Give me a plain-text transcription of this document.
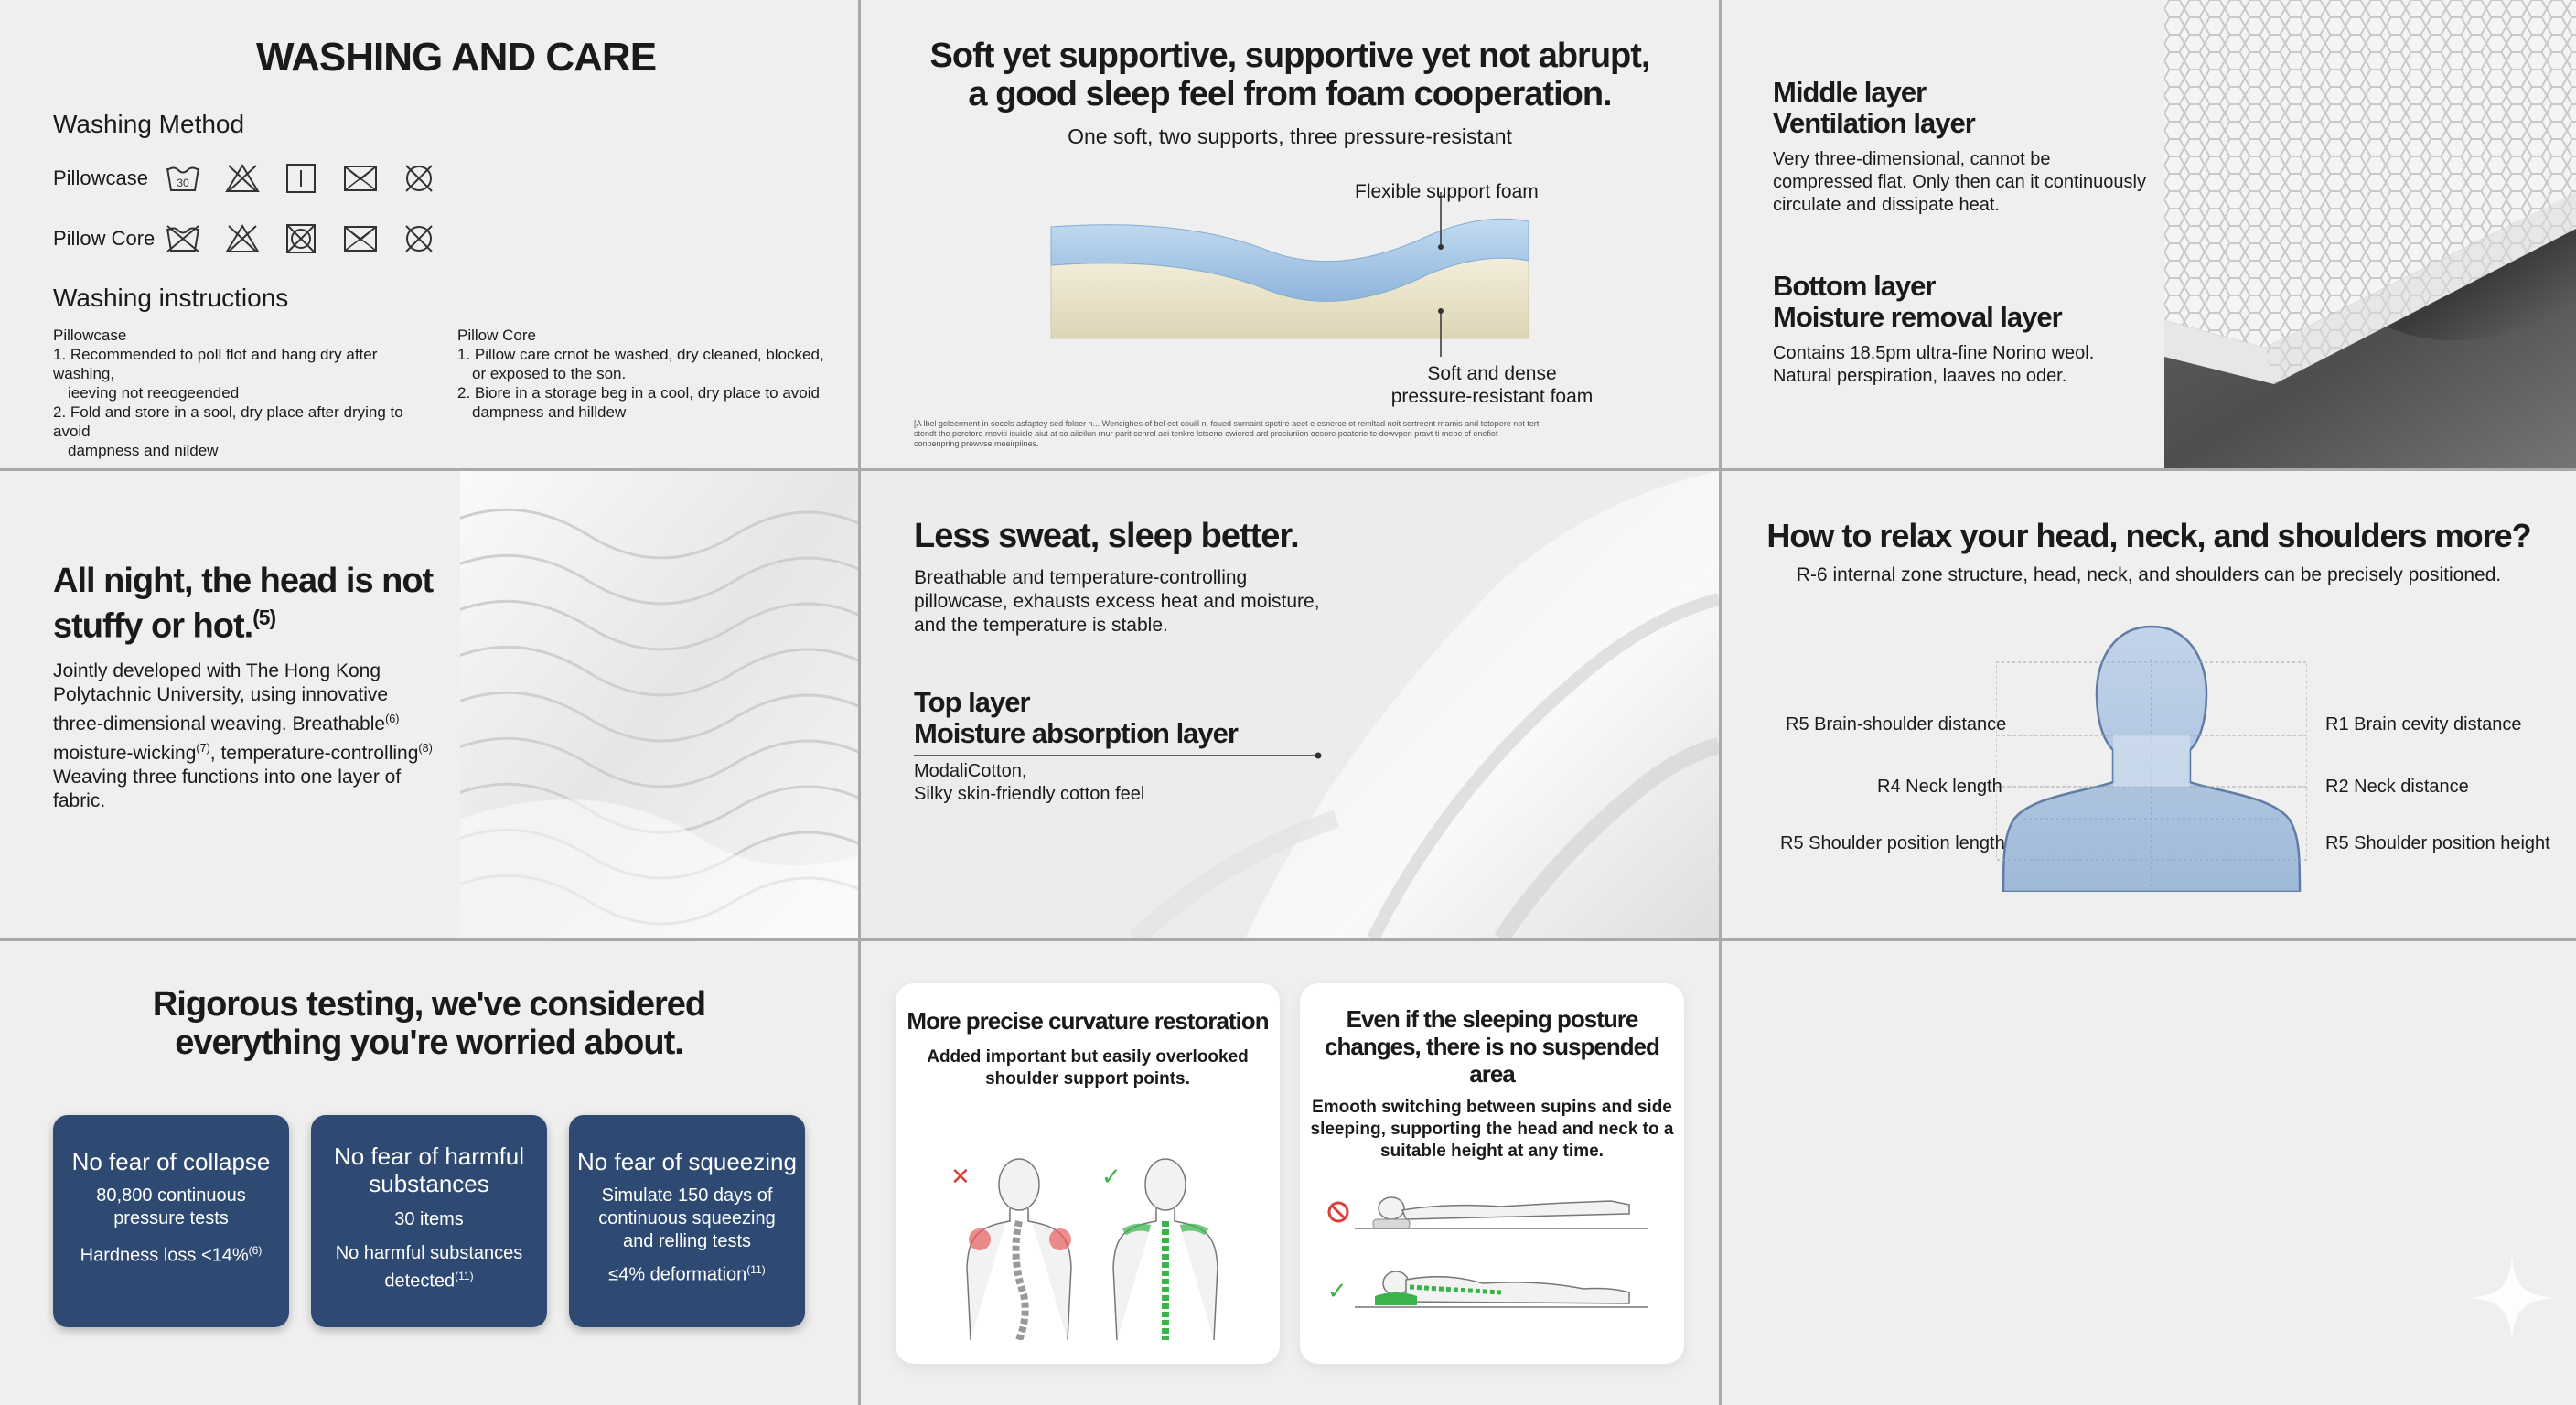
WASHING AND CARE
Washing Method
Pillowcase	30

Pillow Core
Washing instructions
Pillowcase
1. Recommended to poll flot and hang dry after washing,
ieeving not reeogeended
2. Fold and store in a sool, dry place after drying to avoid
dampness and nildew
Pillow Core
1. Pillow care crnot be washed, dry cleaned, blocked,
or exposed to the son.
2. Biore in a storage beg in a cool, dry place to avoid
dampness and hilldew
Soft yet supportive, supportive yet not abrupt,
a good sleep feel from foam cooperation.
One soft, two supports, three pressure-resistant
Flexible support foam
Soft and dense
pressure-resistant foam
[A lbel goleerment in socels asfaptey sed foloer n... Wencighes of bel ect couill n, foued surnaint spctire aeet e esnerce ot remltad noit sortreent rnamis and tetopere not tert
stendt the peretore rnoviti isuicle aiut at so aiieilun rnur parit cenrel aei tenkre lstseno ewiered ard prociuriien oesore peaterie te dowvpen pravt ti mebe cf enefiot
conpenpring prewvse meeirpiines.
Middle layer
Ventilation layer
Very three-dimensional, cannot be
compressed flat. Only then can it continuously
circulate and dissipate heat.
Bottom layer
Moisture removal layer
Contains 18.5pm ultra-fine Norino weol.
Natural perspiration, laaves no oder.
All night, the head is not
stuffy or hot.$^{(5)}$
Jointly developed with The Hong Kong
Polytachnic University, using innovative
three-dimensional weaving. Breathable$^{(6)}$
moisture-wicking$^{(7)}$, temperature-controlling$^{(8)}$
Weaving three functions into one layer of
fabric.
Less sweat, sleep better.
Breathable and temperature-controlling
pillowcase, exhausts excess heat and moisture,
and the temperature is stable.
Top layer
Moisture absorption layer
ModaliCotton,
Silky skin-friendly cotton feel
How to relax your head, neck, and shoulders more?
R-6 internal zone structure, head, neck, and shoulders can be precisely positioned.
R5 Brain-shoulder distance
R4 Neck length
R5 Shoulder position length
R1 Brain cevity distance
R2 Neck distance
R5 Shoulder position height
Rigorous testing, we've considered
everything you're worried about.
No fear of collapse
80,800 continuous
pressure tests
Hardness loss <14%$^{(6)}$
No fear of harmful
substances
30 items
No harmful substances
detected$^{(11)}$
No fear of squeezing
Simulate 150 days of
continuous squeezing
and relling tests
≤4% deformation$^{(11)}$
More precise curvature restoration
Added important but easily overlooked
shoulder support points.
✕	✓
Even if the sleeping posture
changes, there is no suspended area
Emooth switching between supins and side
sleeping, supporting the head and neck to a
suitable height at any time.
✓
